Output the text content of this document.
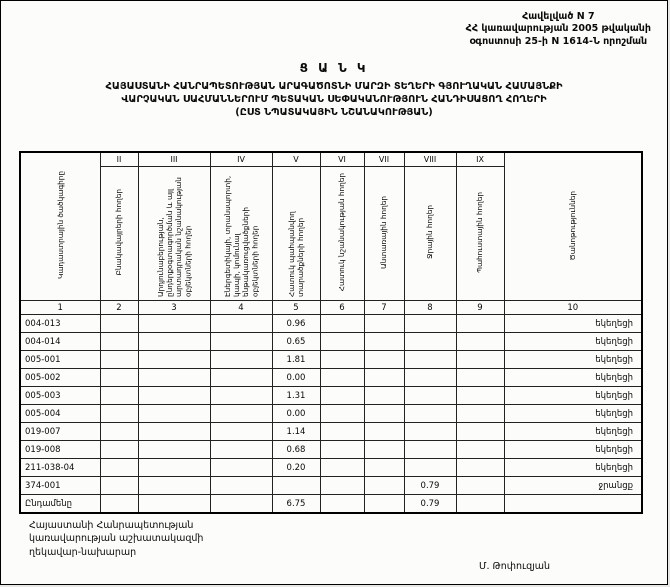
Հավելված N 7
ՀՀ կառավարության 2005 թվականի
օգոստոսի 25-ի N 1614-Ն որոշման
Ց Ա Ն Կ
ՀԱՅԱՍՏԱՆԻ ՀԱՆՐԱՊԵՏՈՒԹՅԱՆ ԱՐԱԳԱԾՈՏՆԻ ՄԱՐԶԻ ՏԵՂԵՐԻ ԳՅՈՒՂԱԿԱՆ ՀԱՄԱՅՆՔԻ
ՎԱՐՉԱԿԱՆ ՍԱՀՄԱՆՆԵՐՈՒՄ ՊԵՏԱԿԱՆ ՍԵՓԱԿԱՆՈՒԹՅՈՒՆ ՀԱՆԴԻՍԱՑՈՂ ՀՈՂԵՐԻ
(ԸՍՏ ՆՊԱՏԱԿԱՅԻՆ ՆՇԱՆԱԿՈՒԹՅԱՆ)
Կադաստրային ծածկագիրը	II	III	IV	V	VI	VII	VIII	IX	Ծանոթություններ
	Բնակավայրերի հողեր	Արդյունաբերության, ընդերքօգտագործման և այլ արտադրական նշանակության օբյեկտների հողեր	Էներգետիկայի, տրանսպորտի, կապի, կոմունալ ենթակառուցվածքների օբյեկտների հողեր	Հատուկ պահպանվող տարածքների հողեր	Հատուկ նշանակության հողեր	Անտառային հողեր	Ջրային հողեր	Պահուստային հողեր	
1	2	3	4	5	6	7	8	9	10
004-013				0.96					եկեղեցի
004-014				0.65					եկեղեցի
005-001				1.81					եկեղեցի
005-002				0.00					եկեղեցի
005-003				1.31					եկեղեցի
005-004				0.00					եկեղեցի
019-007				1.14					եկեղեցի
019-008				0.68					եկեղեցի
211-038-04				0.20					եկեղեցի
374-001							0.79		ջրանցք
Ընդամենը				6.75			0.79		
Հայաստանի Հանրապետության
կառավարության աշխատակազմի
ղեկավար-նախարար
Մ. Թոփուզյան
